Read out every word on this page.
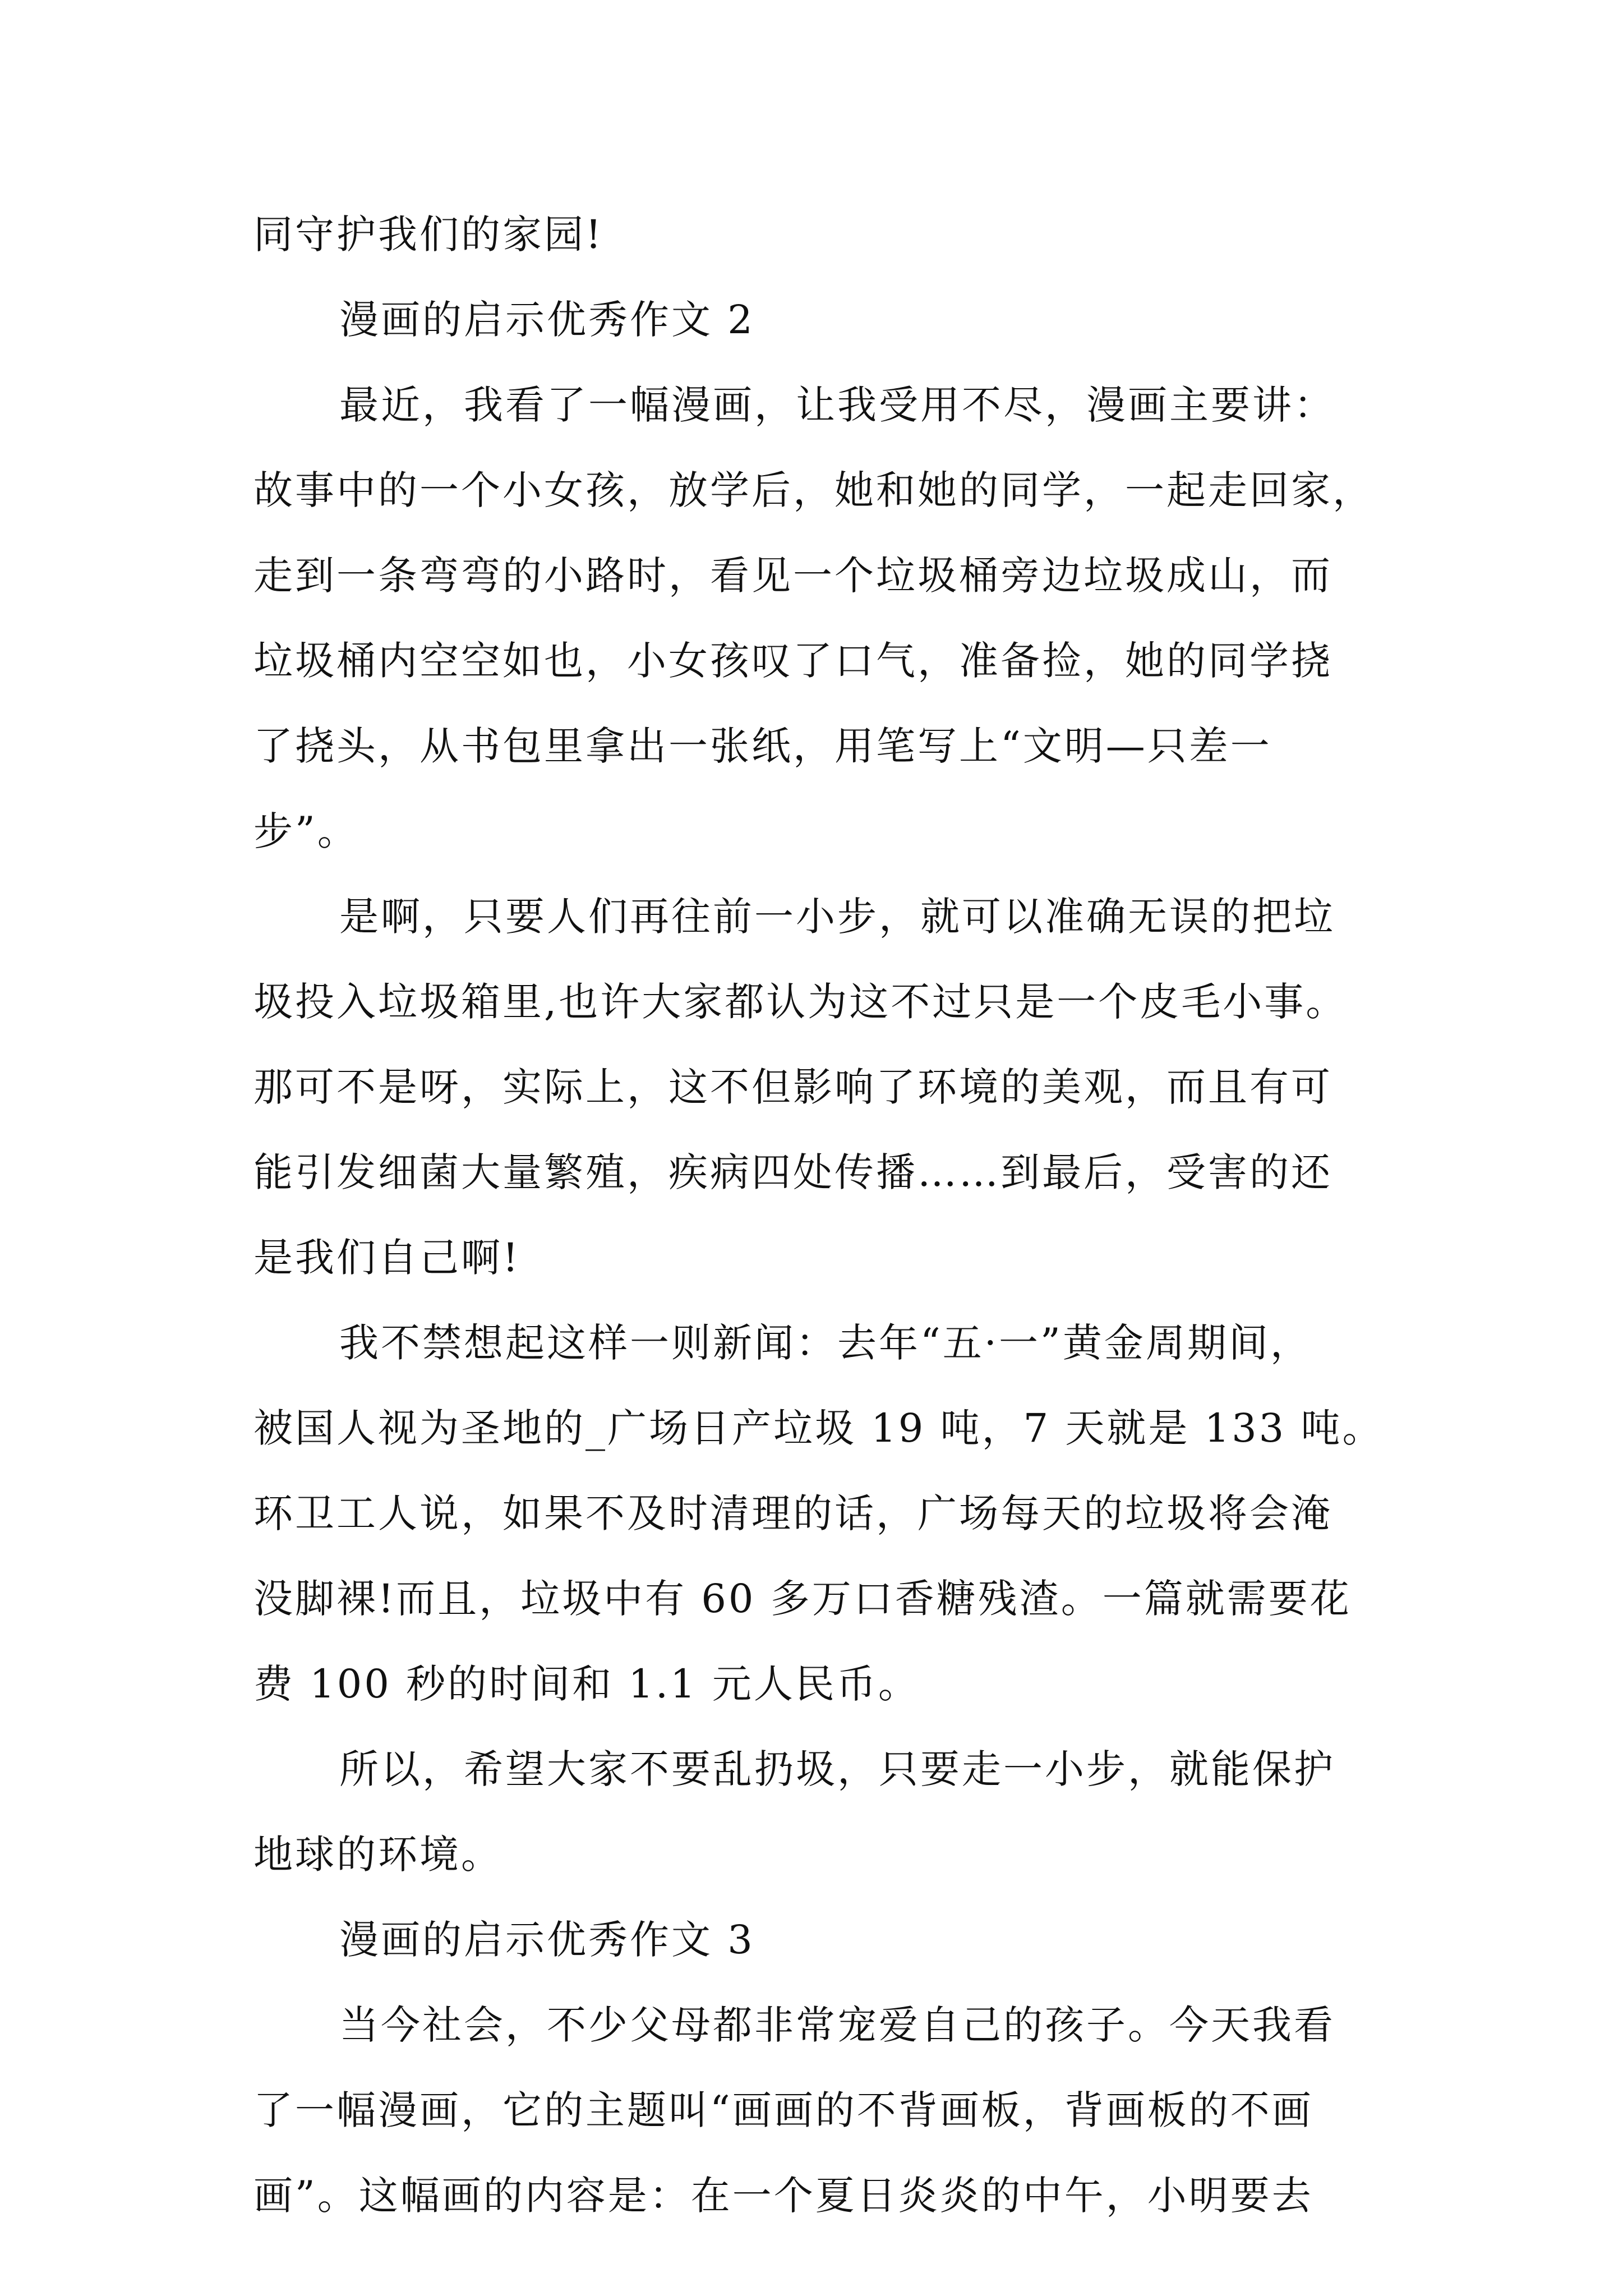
同守护我们的家园!
漫画的启示优秀作文 2
最近，我看了一幅漫画，让我受用不尽，漫画主要讲：
故事中的一个小女孩，放学后，她和她的同学，一起走回家，
走到一条弯弯的小路时，看见一个垃圾桶旁边垃圾成山，而
垃圾桶内空空如也，小女孩叹了口气，准备捡，她的同学挠
了挠头，从书包里拿出一张纸，用笔写上“文明—只差一
步”。
是啊，只要人们再往前一小步，就可以准确无误的把垃
圾投入垃圾箱里,也许大家都认为这不过只是一个皮毛小事。
那可不是呀，实际上，这不但影响了环境的美观，而且有可
能引发细菌大量繁殖，疾病四处传播……到最后，受害的还
是我们自己啊!
我不禁想起这样一则新闻：去年“五·一”黄金周期间，
被国人视为圣地的_广场日产垃圾 19 吨，7 天就是 133 吨。
环卫工人说，如果不及时清理的话，广场每天的垃圾将会淹
没脚裸!而且，垃圾中有 60 多万口香糖残渣。一篇就需要花
费 100 秒的时间和 1.1 元人民币。
所以，希望大家不要乱扔圾，只要走一小步，就能保护
地球的环境。
漫画的启示优秀作文 3
当今社会，不少父母都非常宠爱自己的孩子。今天我看
了一幅漫画，它的主题叫“画画的不背画板，背画板的不画
画”。这幅画的内容是：在一个夏日炎炎的中午，小明要去
